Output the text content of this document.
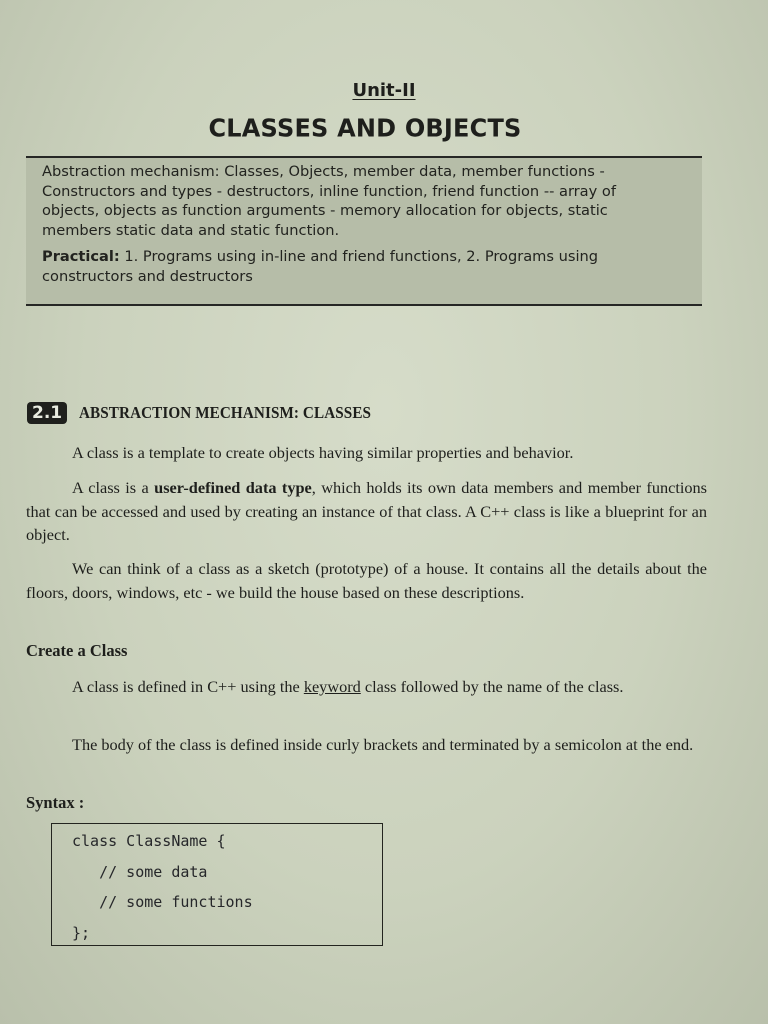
Unit-II
CLASSES AND OBJECTS

Abstraction mechanism: Classes, Objects, member data, member functions -

Constructors and types - destructors, inline function, friend function -- array of

objects, objects as function arguments - memory allocation for objects, static

members static data and static function.

Practical: 1. Programs using in-line and friend functions, 2. Programs using

constructors and destructors

2.1	ABSTRACTION MECHANISM: CLASSES

A class is a template to create objects having similar properties and behavior.

A class is a user-defined data type, which holds its own data members and member functions that can be accessed and used by creating an instance of that class. A C++ class is like a blueprint for an object.

We can think of a class as a sketch (prototype) of a house. It contains all the details about the floors, doors, windows, etc - we build the house based on these descriptions.

Create a Class

A class is defined in C++ using the keyword class followed by the name of the class.

The body of the class is defined inside curly brackets and terminated by a semicolon at the end.

Syntax :
class ClassName {
// some data
// some functions
};
